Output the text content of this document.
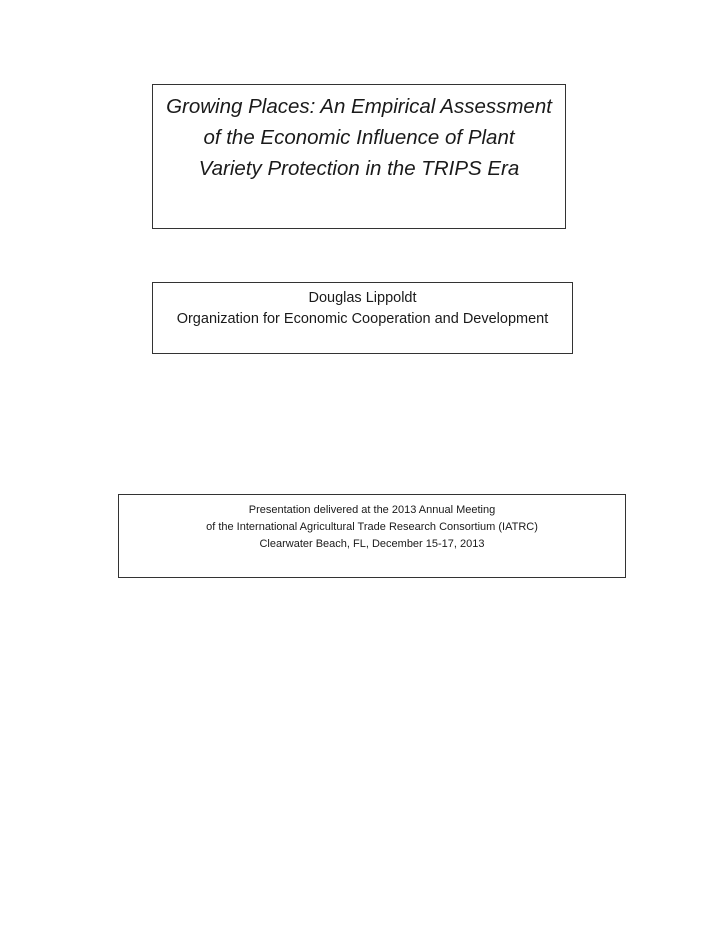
Growing Places: An Empirical Assessment
of the Economic Influence of Plant
Variety Protection in the TRIPS Era
Douglas Lippoldt
Organization for Economic Cooperation and Development
Presentation delivered at the 2013 Annual Meeting
of the International Agricultural Trade Research Consortium (IATRC)
Clearwater Beach, FL, December 15-17, 2013
